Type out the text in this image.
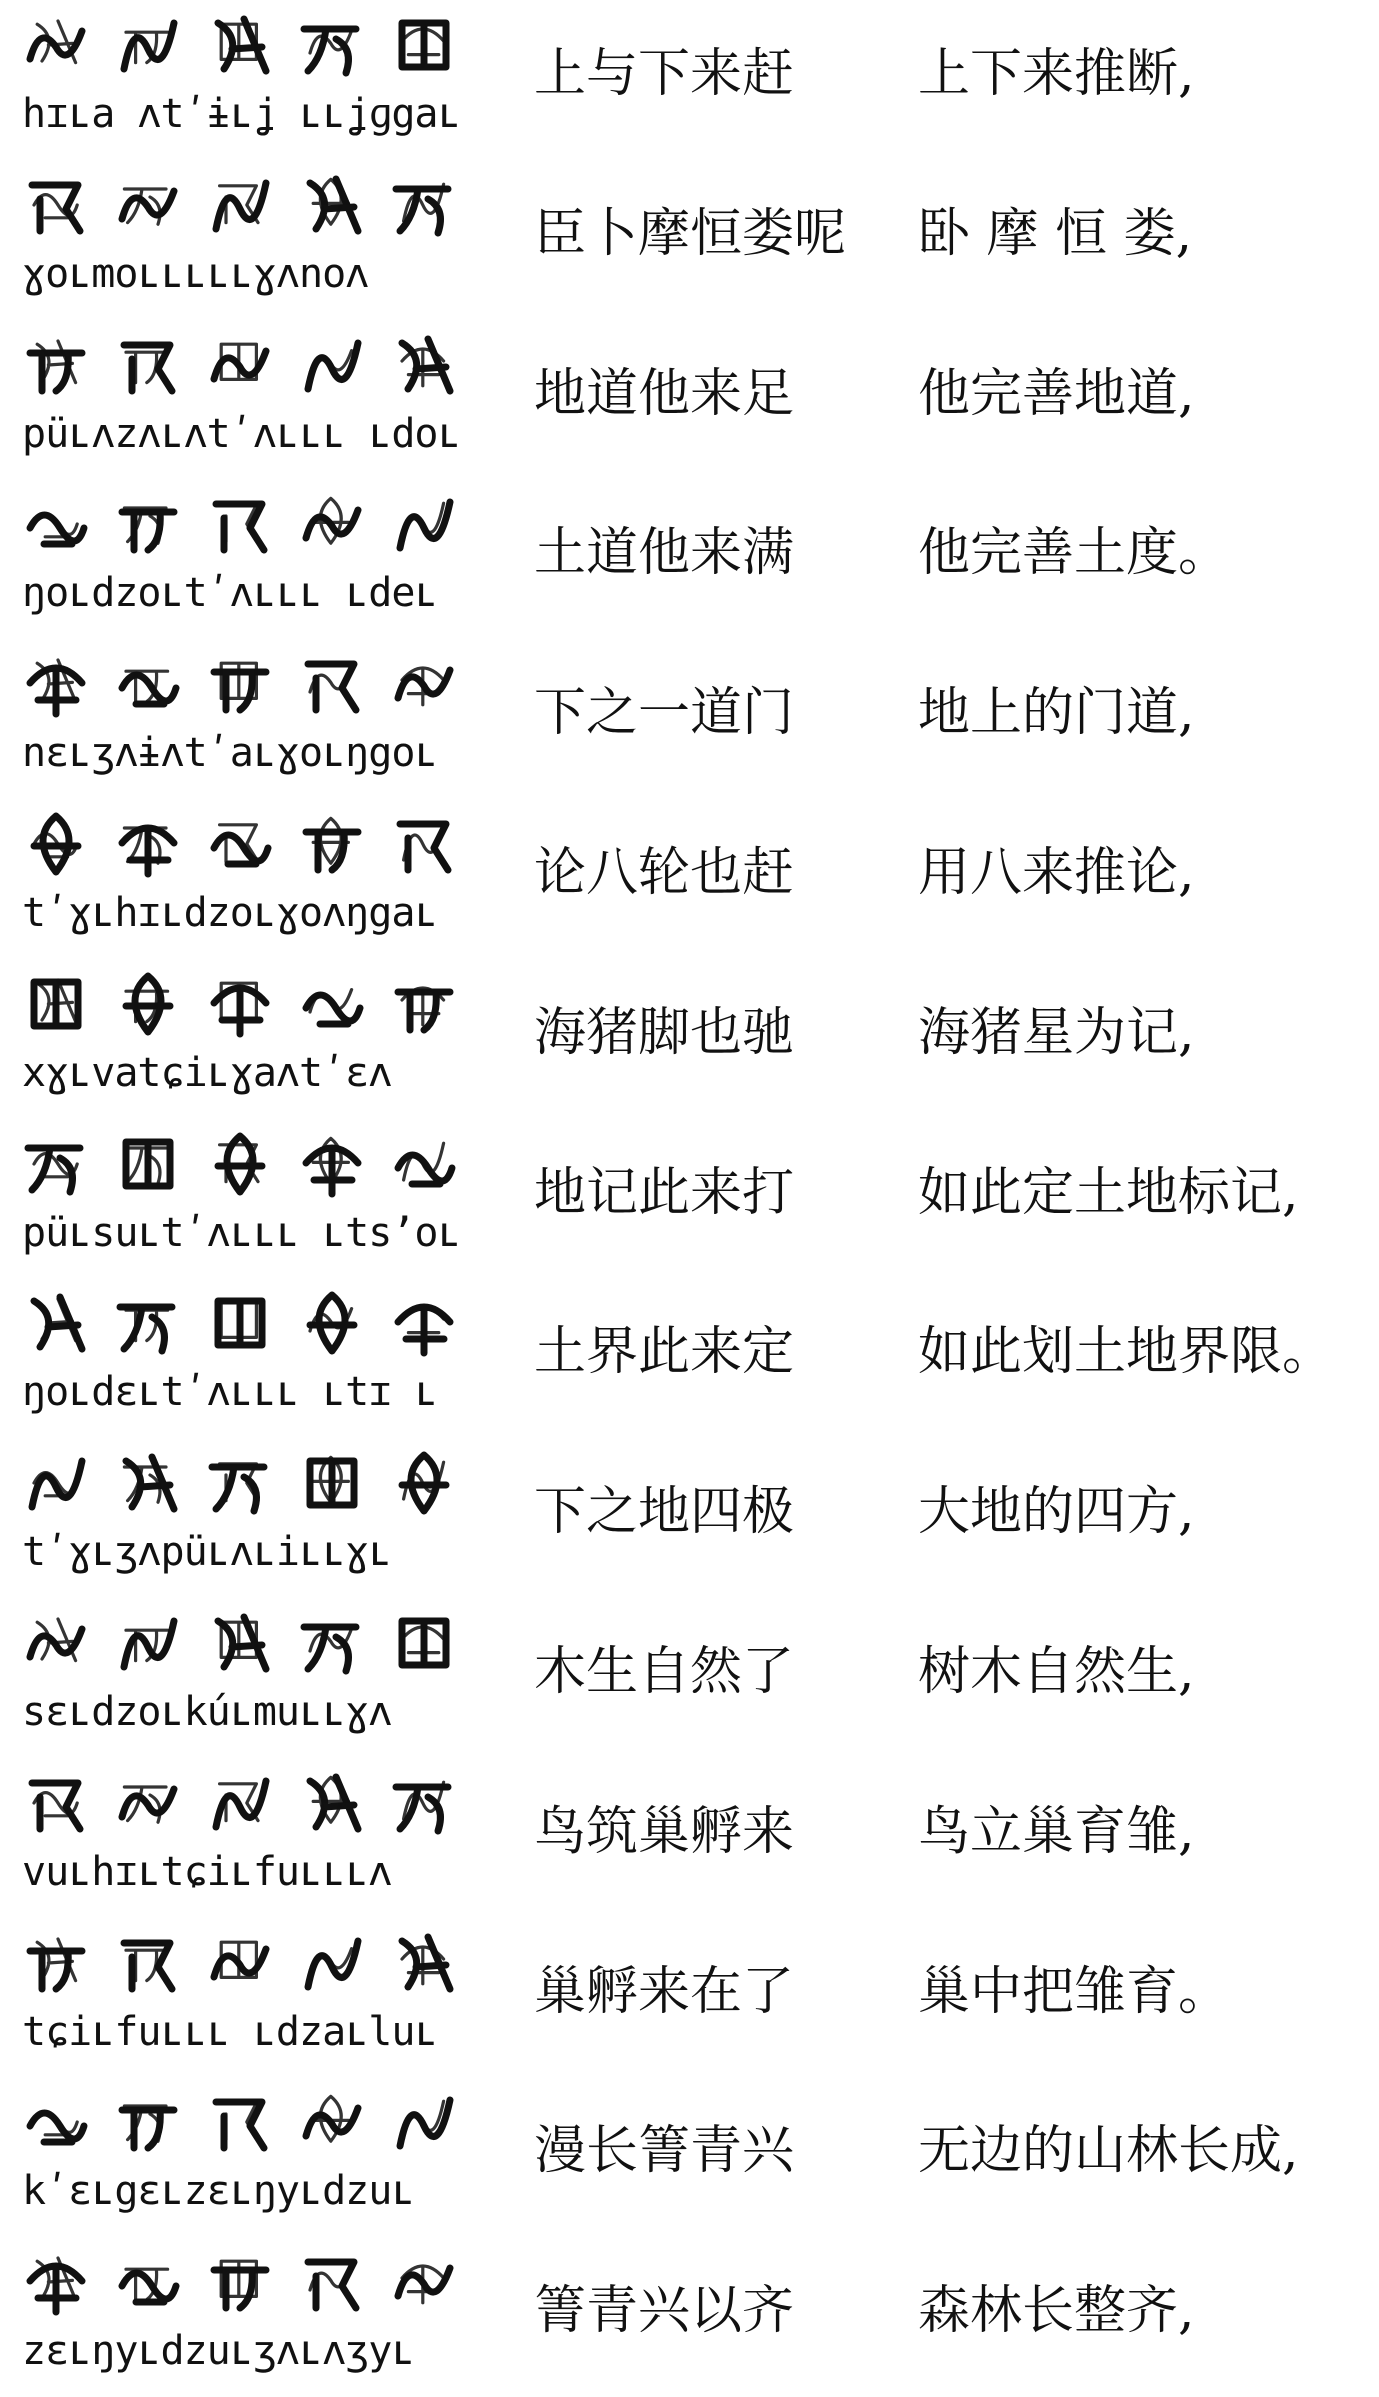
hɪʟa ʌtʹɨʟʝ ʟʟʝɡgaʟ
上与下来赶 上下来推断,
ɣoʟmoʟʟʟʟʟɣʌnoʌ
臣卜摩恒娄呢 卧 摩 恒 娄,
püʟʌzʌʟʌtʹʌʟʟʟ ʟdoʟ
地道他来足 他完善地道,
ŋoʟdzoʟtʹʌʟʟʟ ʟdeʟ
土道他来满 他完善土度。
nɛʟʒʌɨʌtʹaʟɣoʟŋgoʟ
下之一道门 地上的门道,
tʹɣʟhɪʟdzoʟɣoʌŋgaʟ
论八轮也赶 用八来推论,
xɣʟvatɕiʟɣaʌtʹɛʌ
海猪脚也驰 海猪星为记,
püʟsuʟtʹʌʟʟʟ ʟtsʼoʟ
地记此来打 如此定土地标记,
ŋoʟdɛʟtʹʌʟʟʟ ʟtɪ ʟ
土界此来定 如此划土地界限。
tʹɣʟʒʌpüʟʌʟiʟʟɣʟ
下之地四极 大地的四方,
sɛʟdzoʟkúʟmuʟʟɣʌ
木生自然了 树木自然生,
vuʟhɪʟtɕiʟfuʟʟʟʌ
鸟筑巢孵来 鸟立巢育雏,
tɕiʟfuʟʟʟ ʟdzaʟluʟ
巢孵来在了 巢中把雏育。
kʹɛʟgɛʟzɛʟŋyʟdzuʟ
漫长箐青兴 无边的山林长成,
zɛʟŋyʟdzuʟʒʌʟʌʒyʟ
箐青兴以齐 森林长整齐,
